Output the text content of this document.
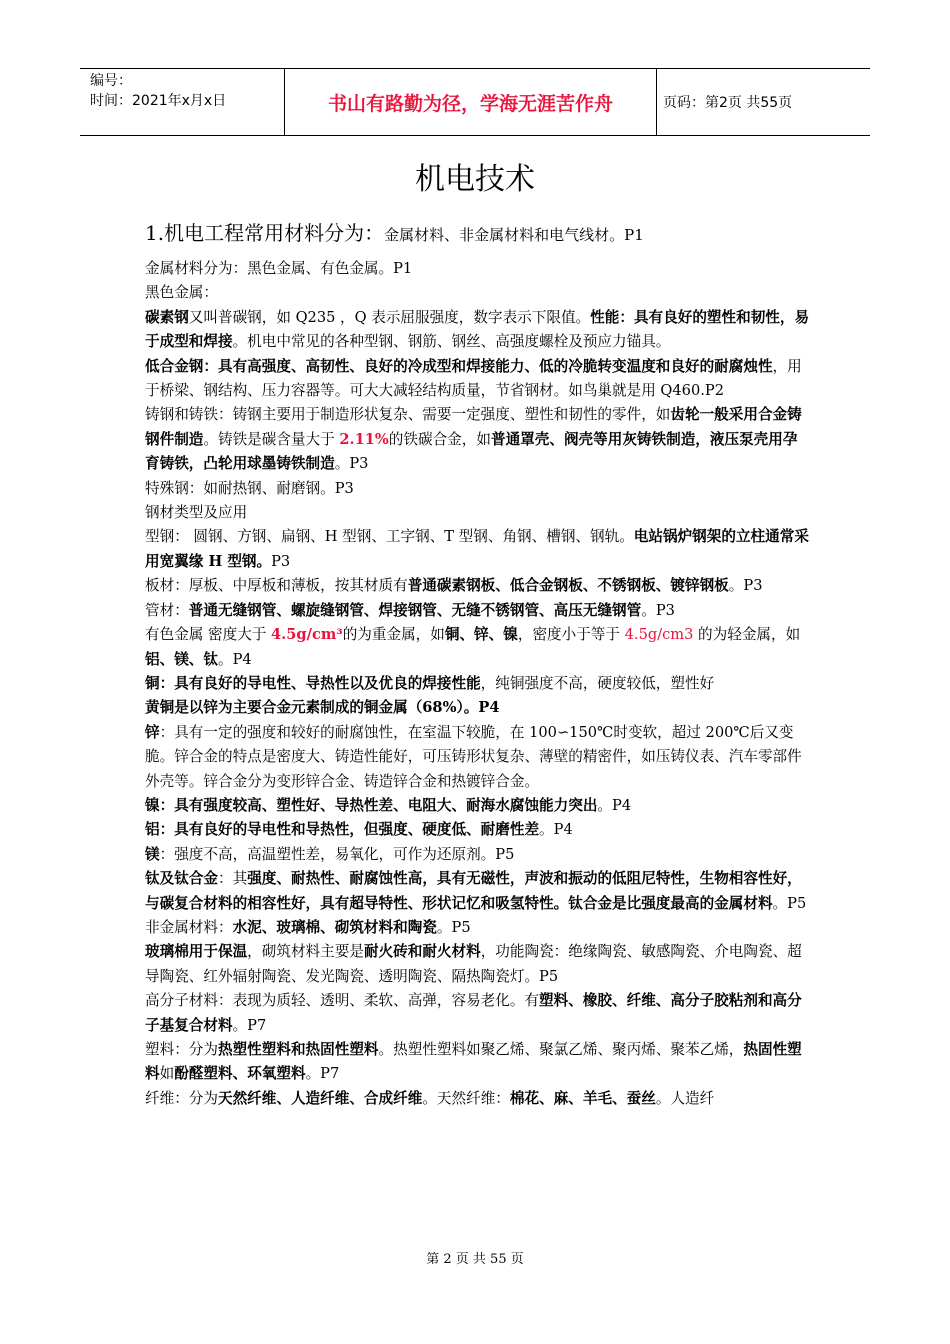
编号：
时间：2021年x月x日	书山有路勤为径，学海无涯苦作舟	页码：第2页 共55页
机电技术
1.机电工程常用材料分为：金属材料、非金属材料和电气线材。P1

金属材料分为：黑色金属、有色金属。P1

黑色金属：

碳素钢又叫普碳钢，如 Q235 ，Q 表示屈服强度，数字表示下限值。性能：具有良好的塑性和韧性，易于成型和焊接。机电中常见的各种型钢、钢筋、钢丝、高强度螺栓及预应力锚具。

低合金钢：具有高强度、高韧性、良好的冷成型和焊接能力、低的冷脆转变温度和良好的耐腐烛性，用于桥梁、钢结构、压力容器等。可大大减轻结构质量，节省钢材。如鸟巢就是用 Q460.P2

铸钢和铸铁：铸钢主要用于制造形状复杂、需要一定强度、塑性和韧性的零件，如齿轮一般采用合金铸钢件制造。铸铁是碳含量大于 2.11%的铁碳合金，如普通罩壳、阀壳等用灰铸铁制造，液压泵壳用孕育铸铁，凸轮用球墨铸铁制造。P3

特殊钢：如耐热钢、耐磨钢。P3

钢材类型及应用

型钢： 圆钢、方钢、扁钢、H 型钢、工字钢、T 型钢、角钢、槽钢、钢轨。电站锅炉钢架的立柱通常采用宽翼缘 H 型钢。P3

板材：厚板、中厚板和薄板，按其材质有普通碳素钢板、低合金钢板、不锈钢板、镀锌钢板。P3

管材：普通无缝钢管、螺旋缝钢管、焊接钢管、无缝不锈钢管、高压无缝钢管。P3

有色金属 密度大于 4.5g/cm³的为重金属，如铜、锌、镍，密度小于等于 4.5g/cm3 的为轻金属，如铝、镁、钛。P4

铜：具有良好的导电性、导热性以及优良的焊接性能，纯铜强度不高，硬度较低，塑性好

黄铜是以锌为主要合金元素制成的铜金属（68%）。P4

锌：具有一定的强度和较好的耐腐蚀性，在室温下较脆，在 100∽150℃时变软，超过 200℃后又变脆。锌合金的特点是密度大、铸造性能好，可压铸形状复杂、薄壁的精密件，如压铸仪表、汽车零部件外壳等。锌合金分为变形锌合金、铸造锌合金和热镀锌合金。

镍：具有强度较高、塑性好、导热性差、电阻大、耐海水腐蚀能力突出。P4

铝：具有良好的导电性和导热性，但强度、硬度低、耐磨性差。P4

镁：强度不高，高温塑性差，易氧化，可作为还原剂。P5

钛及钛合金：其强度、耐热性、耐腐蚀性高，具有无磁性，声波和振动的低阻尼特性，生物相容性好，与碳复合材料的相容性好，具有超导特性、形状记忆和吸氢特性。钛合金是比强度最高的金属材料。P5

非金属材料：水泥、玻璃棉、砌筑材料和陶瓷。P5

玻璃棉用于保温，砌筑材料主要是耐火砖和耐火材料，功能陶瓷：绝缘陶瓷、敏感陶瓷、介电陶瓷、超导陶瓷、红外辐射陶瓷、发光陶瓷、透明陶瓷、隔热陶瓷灯。P5

高分子材料：表现为质轻、透明、柔软、高弹，容易老化。有塑料、橡胶、纤维、高分子胶粘剂和高分子基复合材料。P7

塑料：分为热塑性塑料和热固性塑料。热塑性塑料如聚乙烯、聚氯乙烯、聚丙烯、聚苯乙烯，热固性塑料如酚醛塑料、环氧塑料。P7

纤维：分为天然纤维、人造纤维、合成纤维。天然纤维：棉花、麻、羊毛、蚕丝。人造纤

第 2 页 共 55 页
